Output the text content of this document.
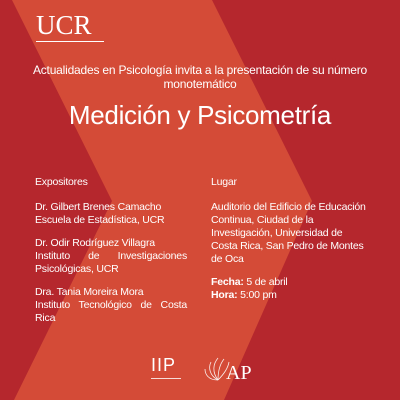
UCR
Actualidades en Psicología invita a la presentación de su número monotemático
Medición y Psicometría
Expositores

Dr. Gilbert Brenes Camacho
Escuela de Estadística, UCR

Dr. Odir Rodríguez Villagra
Instituto de Investigaciones Psicológicas, UCR

Dra. Tania Moreira Mora
Instituto Tecnológico de Costa Rica

Lugar

Auditorio del Edificio de Educación Continua, Ciudad de la Investigación, Universidad de Costa Rica, San Pedro de Montes de Oca

Fecha: 5 de abril

Hora: 5:00 pm

IIP AP
